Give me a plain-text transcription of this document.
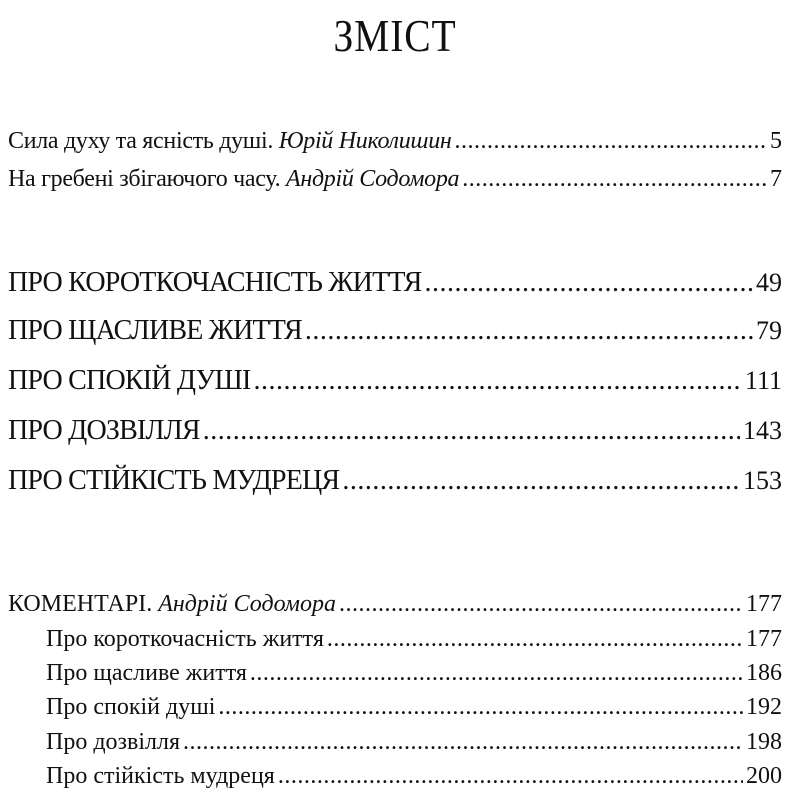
ЗМІСТ
Сила духу та ясність душі. Юрій Николишин .....	5
На гребені збігаючого часу. Андрій Содомора .....	7
ПРО КОРОТКОЧАСНІСТЬ ЖИТТЯ .....	49
ПРО ЩАСЛИВЕ ЖИТТЯ .....	79
ПРО СПОКІЙ ДУШІ .....	111
ПРО ДОЗВІЛЛЯ .....	143
ПРО СТІЙКІСТЬ МУДРЕЦЯ .....	153
КОМЕНТАРІ. Андрій Содомора .....	177
Про короткочасність життя .....	177
Про щасливе життя .....	186
Про спокій душі .....	192
Про дозвілля .....	198
Про стійкість мудреця .....	200
